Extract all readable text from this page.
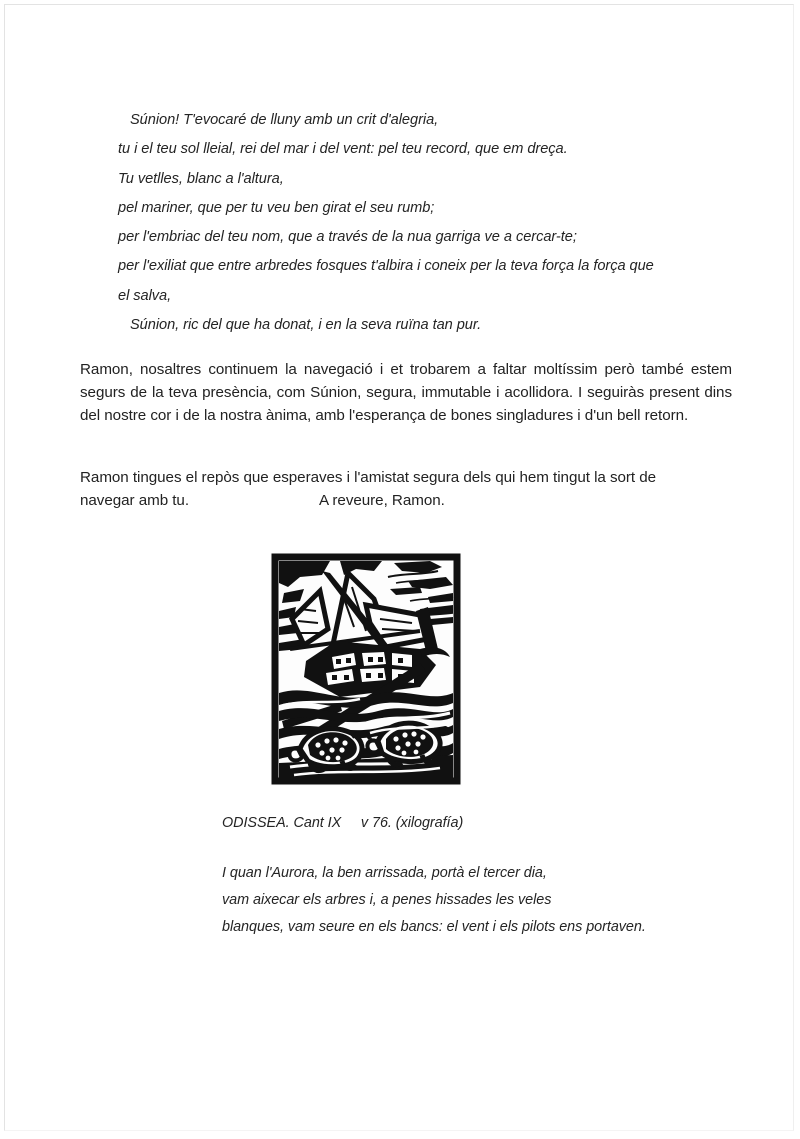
Súnion! T'evocaré de lluny amb un crit d'alegria,
tu i el teu sol lleial, rei del mar i del vent: pel teu record, que em dreça.
Tu vetlles, blanc a l'altura,
pel mariner, que per tu veu ben girat el seu rumb;
per l'embriac del teu nom, que a través de la nua garriga ve a cercar-te;
per l'exiliat que entre arbredes fosques t'albira i coneix per la teva força la força que
el salva,
Súnion, ric del que ha donat, i en la seva ruïna tan pur.
Ramon, nosaltres continuem la navegació i et trobarem a faltar moltíssim però també estem segurs de la teva presència, com Súnion, segura, immutable i acollidora. I seguiràs present dins del nostre cor i de la nostra ànima, amb l'esperança de bones singladures i d'un bell retorn.
Ramon tingues el repòs que esperaves i l'amistat segura dels qui hem tingut la sort de
navegar amb tu.	A reveure, Ramon.
ODISSEA. Cant IX     v 76. (xilografía)
I quan l'Aurora, la ben arrissada, portà el tercer dia,
vam aixecar els arbres i, a penes hissades les veles
blanques, vam seure en els bancs: el vent i els pilots ens portaven.
